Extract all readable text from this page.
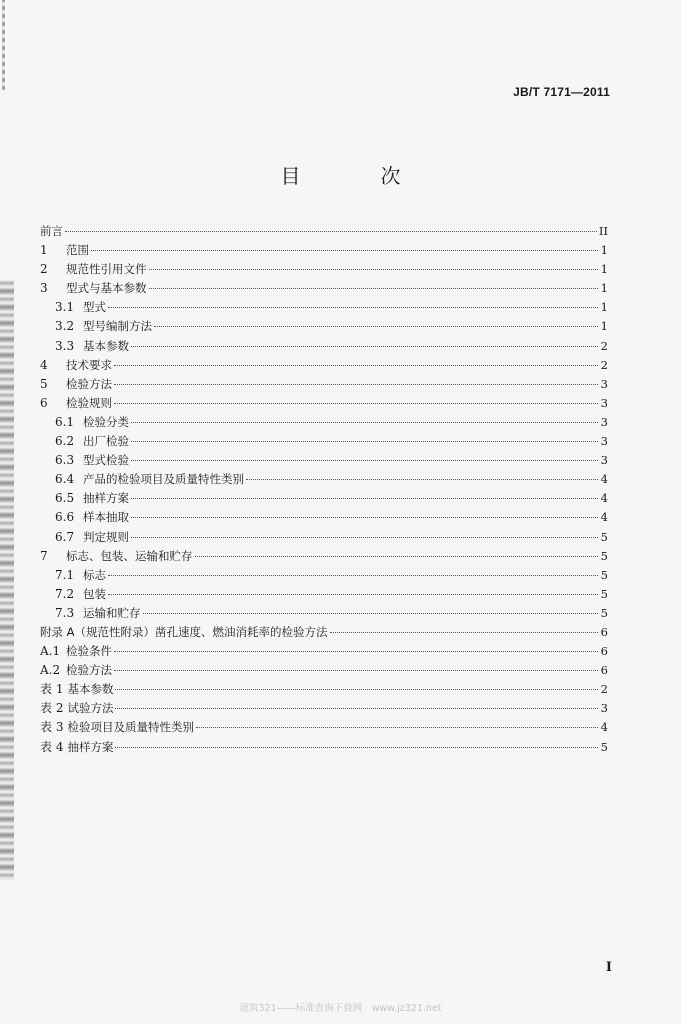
JB/T 7171—2011
目　次
前言	II
1	范围	1
2	规范性引用文件	1
3	型式与基本参数	1
3.1 型式	1
3.2 型号编制方法	1
3.3 基本参数	2
4	技术要求	2
5	检验方法	3
6	检验规则	3
6.1 检验分类	3
6.2 出厂检验	3
6.3 型式检验	3
6.4 产品的检验项目及质量特性类别	4
6.5 抽样方案	4
6.6 样本抽取	4
6.7 判定规则	5
7	标志、包装、运输和贮存	5
7.1 标志	5
7.2 包装	5
7.3 运输和贮存	5
附录 A（规范性附录）凿孔速度、燃油消耗率的检验方法	6
A.1 检验条件	6
A.2 检验方法	6
表 1 基本参数	2
表 2 试验方法	3
表 3 检验项目及质量特性类别	4
表 4 抽样方案	5
I
建筑321——标准查询下载网　www.jz321.net
